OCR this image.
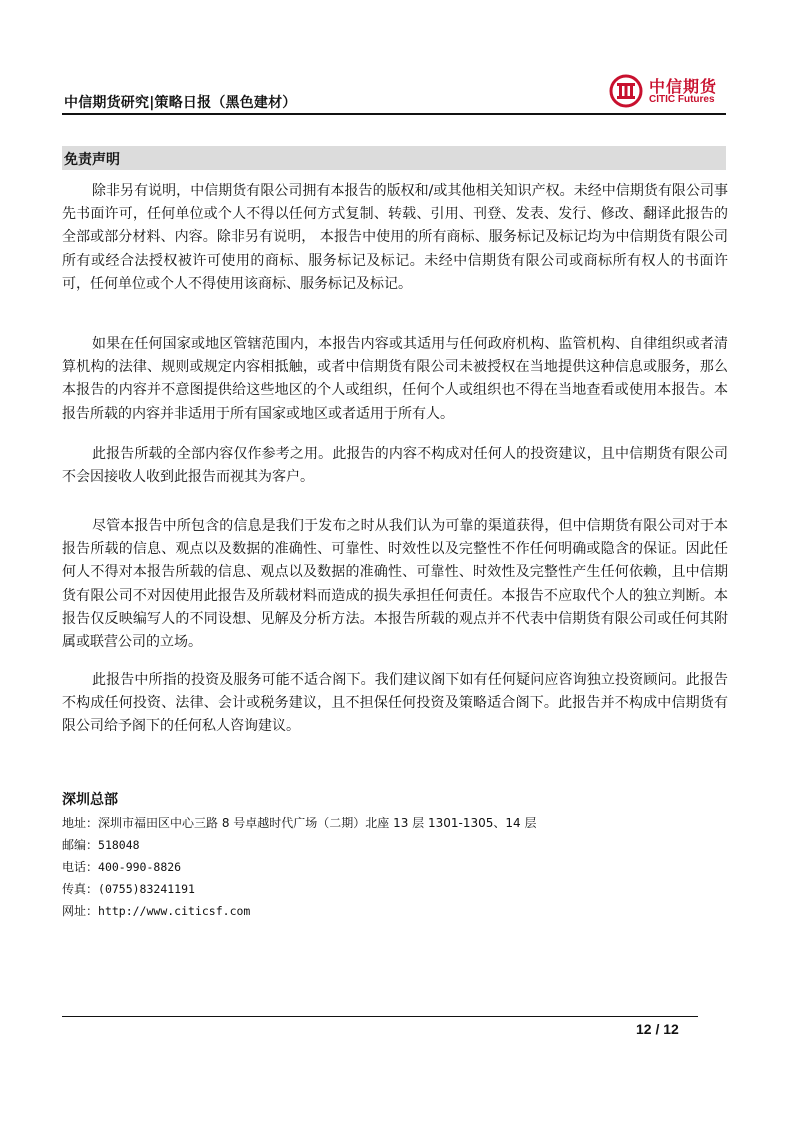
中信期货研究|策略日报（黑色建材）
中信期货
CITIC Futures
免责声明

除非另有说明，中信期货有限公司拥有本报告的版权和/或其他相关知识产权。未经中信期货有限公司事先书面许可，任何单位或个人不得以任何方式复制、转载、引用、刊登、发表、发行、修改、翻译此报告的全部或部分材料、内容。除非另有说明， 本报告中使用的所有商标、服务标记及标记均为中信期货有限公司所有或经合法授权被许可使用的商标、服务标记及标记。未经中信期货有限公司或商标所有权人的书面许可，任何单位或个人不得使用该商标、服务标记及标记。

如果在任何国家或地区管辖范围内，本报告内容或其适用与任何政府机构、监管机构、自律组织或者清算机构的法律、规则或规定内容相抵触，或者中信期货有限公司未被授权在当地提供这种信息或服务，那么本报告的内容并不意图提供给这些地区的个人或组织，任何个人或组织也不得在当地查看或使用本报告。本报告所载的内容并非适用于所有国家或地区或者适用于所有人。

此报告所载的全部内容仅作参考之用。此报告的内容不构成对任何人的投资建议，且中信期货有限公司不会因接收人收到此报告而视其为客户。

尽管本报告中所包含的信息是我们于发布之时从我们认为可靠的渠道获得，但中信期货有限公司对于本报告所载的信息、观点以及数据的准确性、可靠性、时效性以及完整性不作任何明确或隐含的保证。因此任何人不得对本报告所载的信息、观点以及数据的准确性、可靠性、时效性及完整性产生任何依赖，且中信期货有限公司不对因使用此报告及所载材料而造成的损失承担任何责任。本报告不应取代个人的独立判断。本报告仅反映编写人的不同设想、见解及分析方法。本报告所载的观点并不代表中信期货有限公司或任何其附属或联营公司的立场。

此报告中所指的投资及服务可能不适合阁下。我们建议阁下如有任何疑问应咨询独立投资顾问。此报告不构成任何投资、法律、会计或税务建议，且不担保任何投资及策略适合阁下。此报告并不构成中信期货有限公司给予阁下的任何私人咨询建议。

深圳总部
地址：深圳市福田区中心三路 8 号卓越时代广场（二期）北座 13 层 1301-1305、14 层
邮编：518048
电话：400-990-8826
传真：(0755)83241191
网址：http://www.citicsf.com
12 / 12
